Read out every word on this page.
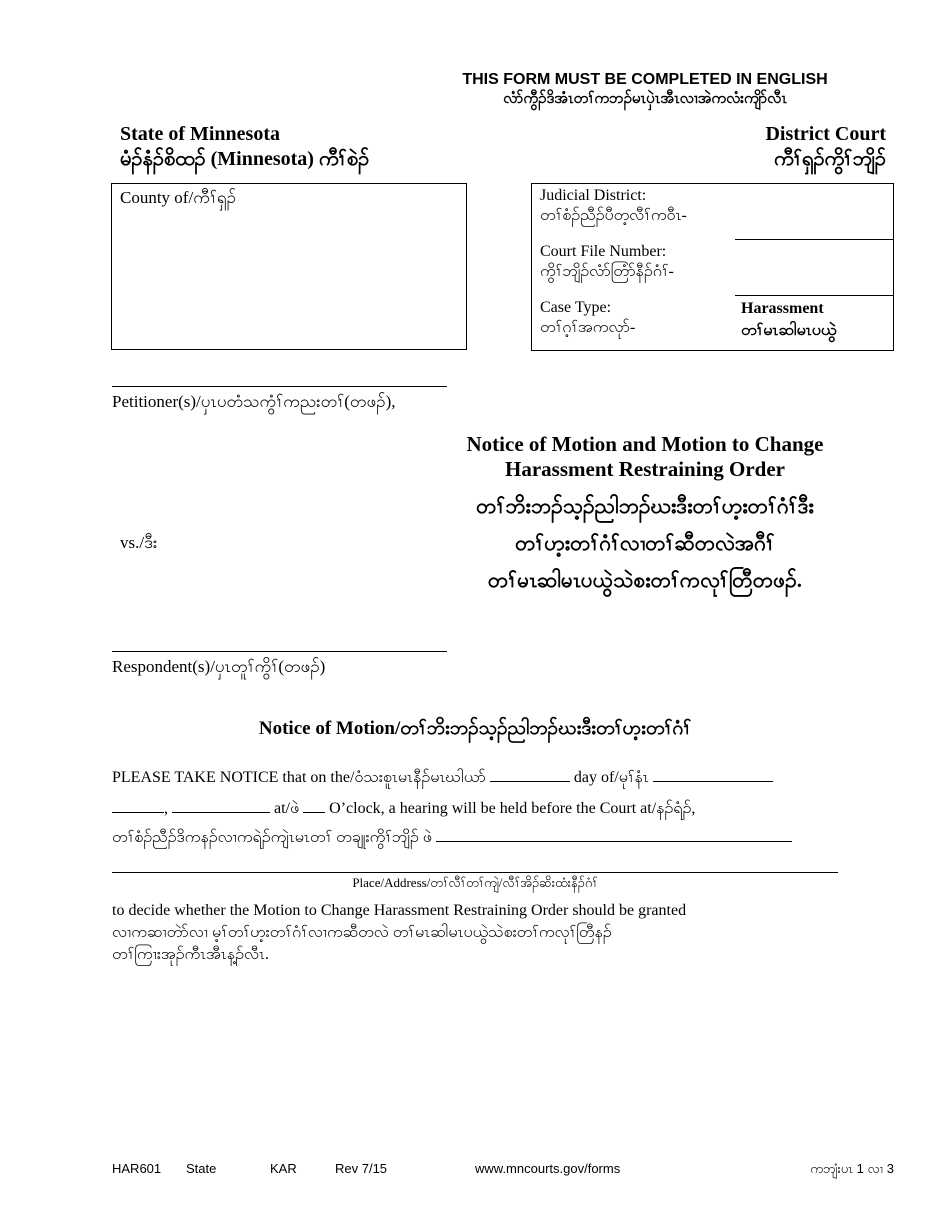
THIS FORM MUST BE COMPLETED IN ENGLISH
လံာ်ကွီၣ်ဒိအံၤတၢ်ကဘၣ်မၤပှဲၤအီၤလၢအဲကလံးကျိာ်လီၤ
State of Minnesota
မံၣ်နံၣ်စိထၣ် (Minnesota) ကီၢ်စဲၣ်
District Court
ကီၢ်ရှၣ်ကွိၢ်ဘျိၣ်
County of/ကီၢ်ရှၣ်	Judicial District:
တၢ်စံၣ်ညီၣ်ပီတ့လီၢ်ကဝီၤ-
Court File Number:
ကွိၢ်ဘျိၣ်လံာ်တြံာ်နီၣ်ဂံၢ်-
Case Type:
တၢ်ဂ့ၢ်အကလုာ်-
Harassment
တၢ်မၤဆါမၤပယွဲ
Petitioner(s)/ပှၤပတံသကွံၢ်ကညးတၢ်(တဖၣ်),
Notice of Motion and Motion to Change
Harassment Restraining Order
တၢ်ဘိးဘၣ်သ့ၣ်ညါဘၣ်ဃးဒီးတၢ်ဟ့းတၢ်ဂံၢ်ဒီး
တၢ်ဟ့းတၢ်ဂံၢ်လၢတၢ်ဆီတလဲအဂီၢ်
တၢ်မၤဆါမၤပယွဲသဲစးတၢ်ကလုၢ်တြီတဖၣ်.
vs./ဒီး
Respondent(s)/ပှၤတူၢ်ကွိၢ်(တဖၣ်)
Notice of Motion/တၢ်ဘိးဘၣ်သ့ၣ်ညါဘၣ်ဃးဒီးတၢ်ဟ့းတၢ်ဂံၢ်
PLEASE TAKE NOTICE that on the/ဝံသးစူၤမၤနီၣ်မၤဃါယာ်	day of/မုၢ်နံၤ
,	at/ဖဲ O’clock, a hearing will be held before the Court at/နၣ်ရံၣ်,
တၢ်စံၣ်ညီၣ်ဒိကနၣ်လၢကရဲၣ်ကျဲၤမၤတၢ် တချုးကွိၢ်ဘျိၣ် ဖဲ
Place/Address/တၢ်လီၢ်တၢ်ကျဲ/လီၢ်အိၣ်ဆိးထံးနီၣ်ဂံၢ်
to decide whether the Motion to Change Harassment Restraining Order should be granted
လၢကဆၢတဲာ်လၢ မ့ၢ်တၢ်ဟ့းတၢ်ဂံၢ်လၢကဆီတလဲ တၢ်မၤဆါမၤပယွဲသဲစးတၢ်ကလုၢ်တြီနၣ်
တၢ်ကြၢးအုၣ်ကီၤအီၤန့ၣ်လီၤ.
HAR601 State	KAR	Rev 7/15	www.mncourts.gov/forms	ကဘျံးပၤ 1 လၢ 3
